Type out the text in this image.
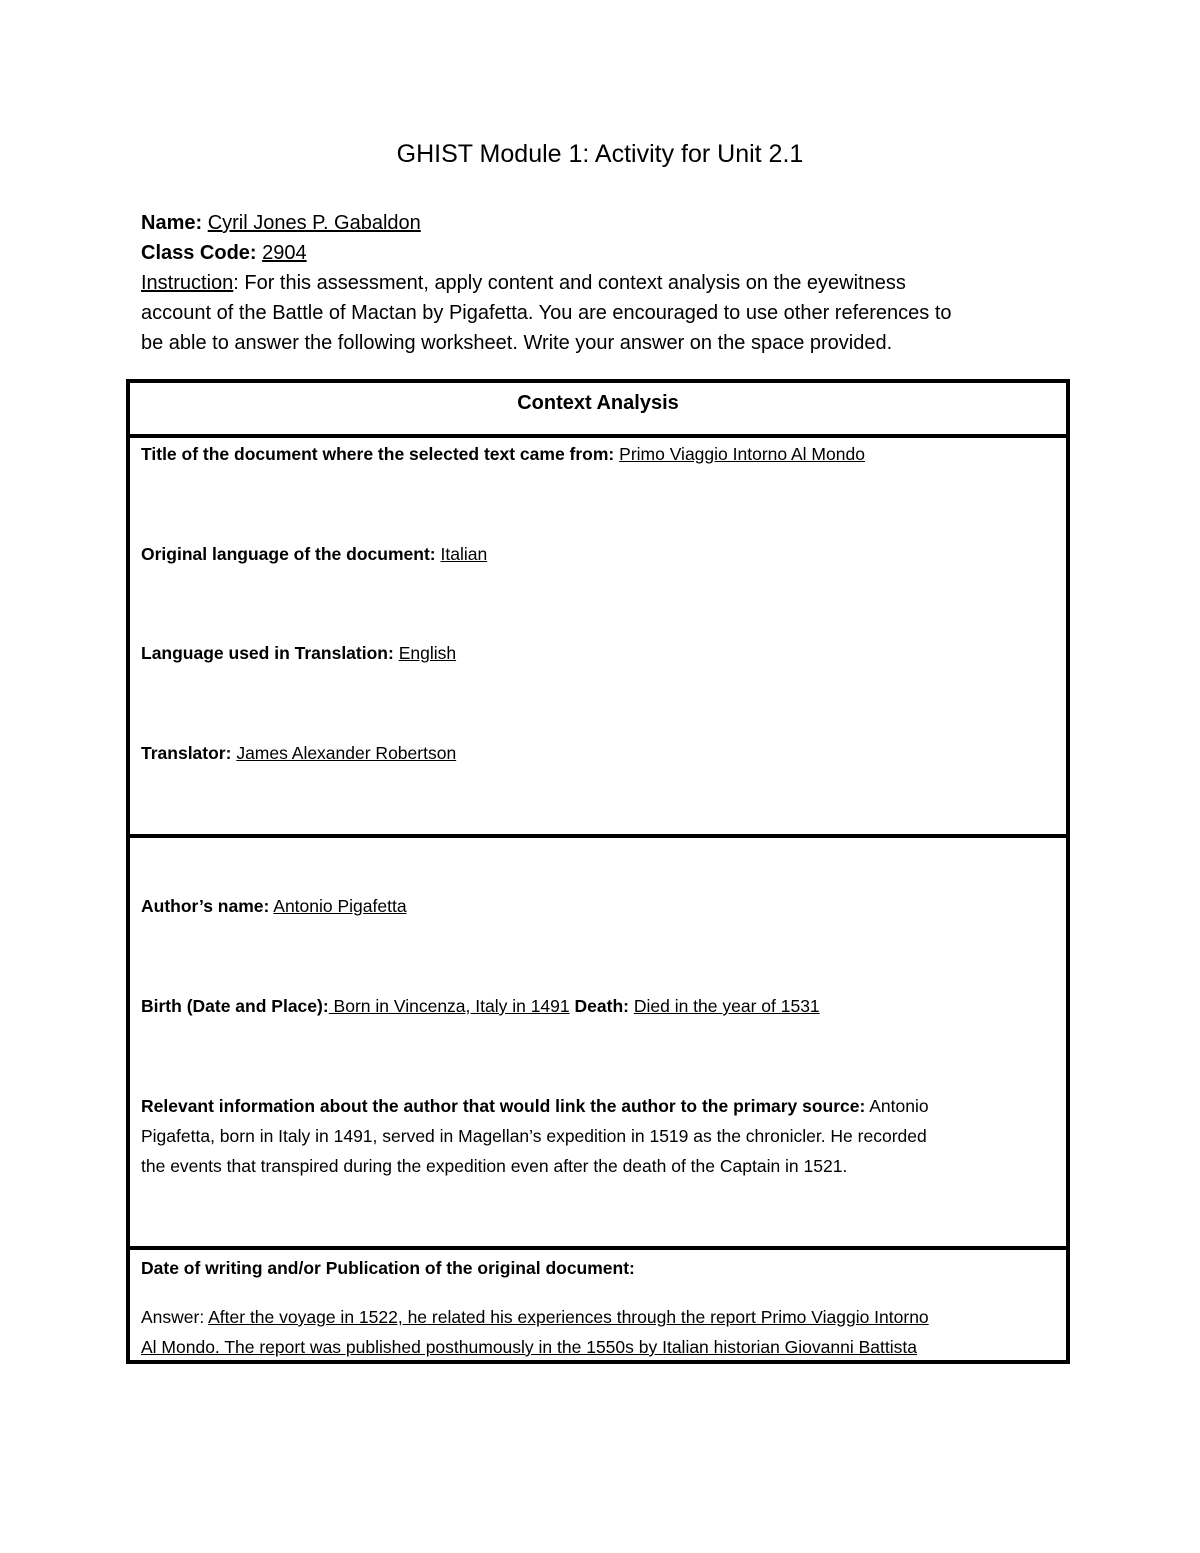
GHIST Module 1: Activity for Unit 2.1
Name: Cyril Jones P. Gabaldon
Class Code: 2904
Instruction: For this assessment, apply content and context analysis on the eyewitness
account of the Battle of Mactan by Pigafetta. You are encouraged to use other references to
be able to answer the following worksheet. Write your answer on the space provided.
Context Analysis
Title of the document where the selected text came from: Primo Viaggio Intorno Al Mondo
Original language of the document: Italian
Language used in Translation: English
Translator: James Alexander Robertson
Author’s name: Antonio Pigafetta
Birth (Date and Place): Born in Vincenza, Italy in 1491 Death: Died in the year of 1531
Relevant information about the author that would link the author to the primary source: Antonio
Pigafetta, born in Italy in 1491, served in Magellan’s expedition in 1519 as the chronicler. He recorded
the events that transpired during the expedition even after the death of the Captain in 1521.
Date of writing and/or Publication of the original document:
Answer: After the voyage in 1522, he related his experiences through the report Primo Viaggio Intorno
Al Mondo. The report was published posthumously in the 1550s by Italian historian Giovanni Battista
